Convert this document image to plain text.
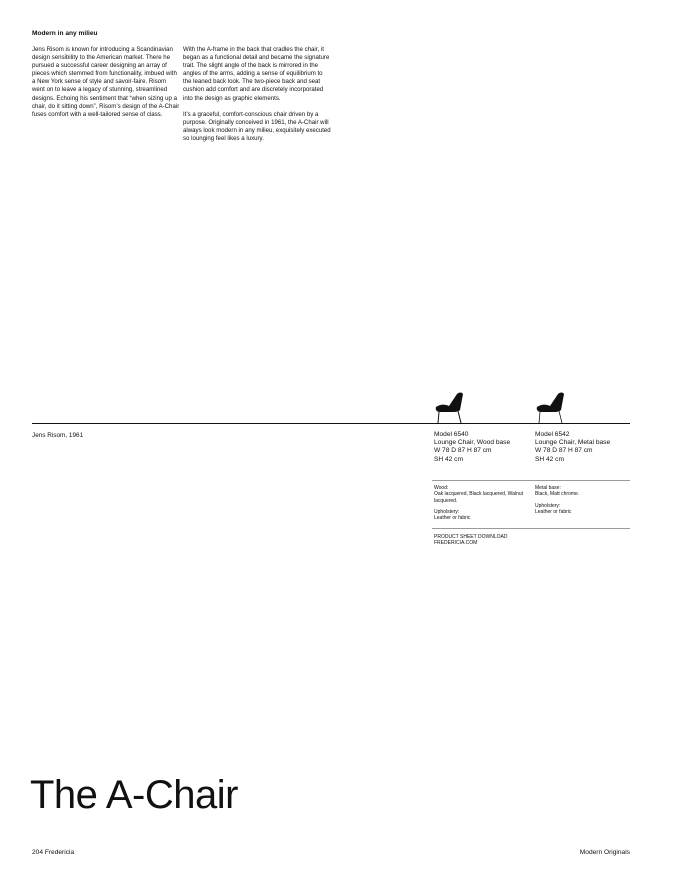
Modern in any milieu

Jens Risom is known for introducing a Scandinavian design sensibility to the American market. There he pursued a successful career designing an array of pieces which stemmed from functionality, imbued with a New York sense of style and savoir-faire. Risom went on to leave a legacy of stunning, streamlined designs. Echoing his sentiment that “when sizing up a chair, do it sitting down”, Risom’s design of the A-Chair fuses comfort with a well-tailored sense of class.

With the A-frame in the back that cradles the chair, it began as a functional detail and became the signature trait. The slight angle of the back is mirrored in the angles of the arms, adding a sense of equilibrium to the leaned back look. The two-piece back and seat cushion add comfort and are discretely incorporated into the design as graphic elements.

It’s a graceful, comfort-conscious chair driven by a purpose. Originally conceived in 1961, the A-Chair will always look modern in any milieu, exquisitely executed so lounging feel likes a luxury.

Jens Risom, 1961	Model 6540
Lounge Chair, Wood base
W 78 D 87 H 87 cm
SH 42 cm
Model 6542
Lounge Chair, Metal base
W 78 D 87 H 87 cm
SH 42 cm
Wood:
Oak lacquered, Black lacquered, Walnut lacquered.
Upholstery:
Leather or fabric
Metal base:
Black, Matt chrome.
Upholstery:
Leather or fabric
PRODUCT SHEET DOWNLOAD
FREDERICIA.COM
The A-Chair
204 Fredericia	Modern Originals
